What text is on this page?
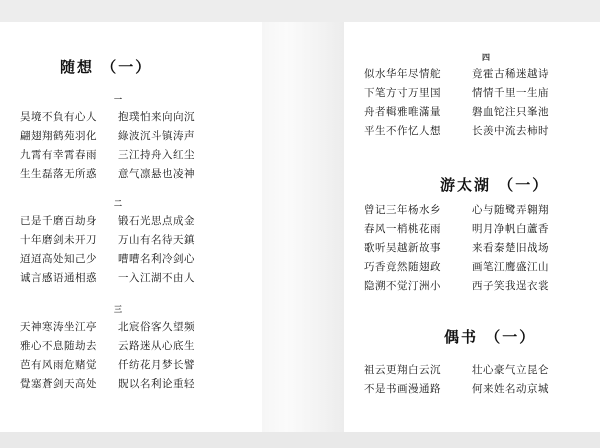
随想 （一）
一
昊境不負有心人	抱璞怕来向向沉
翩翅翔鹤苑羽化	綠波沉斗镇涛声
九霄有幸霄春雨	三江持舟入红尘
生生磊落无所惑	意气凛悬也凌神
二
已是千磨百劫身	锻石光思点成金
十年磨剑未开刀	万山有名待天鎮
迢迢高处知己少	嘈嘈名利冷剑心
诚言感语通相惑	一入江湖不由人
三
天神寒涛坐江亭	北宸俗客久望频
雅心不息随劫去	云路迷从心底生
芭有风雨危赌觉	仟纺花月梦长譬
覺塞蒼剑天高处	貺以名利论重轻
四
似水华年尽情舵	竟霍古稀迷越诗
下笔方寸万里国	情情千里一生庙
舟者輯雅唯滿量	磐血铊注只峯池
平生不作忆人想	长羡中流去柿时
游太湖 （一）
曾记三年杨水乡	心与随鹭弄翱翔
春风一梢桃花雨	明月净帆白蘆香
歌听吴越新故事	来看秦楚旧战场
巧香竟然随翅政	画笔江鹰盛江山
隐溯不觉汀洲小	西子笑我逞衣裳
偶书 （一）
祖云更翔白云沉	壮心豪气立昆仑
不是书画漫通路	何来姓名动京城
